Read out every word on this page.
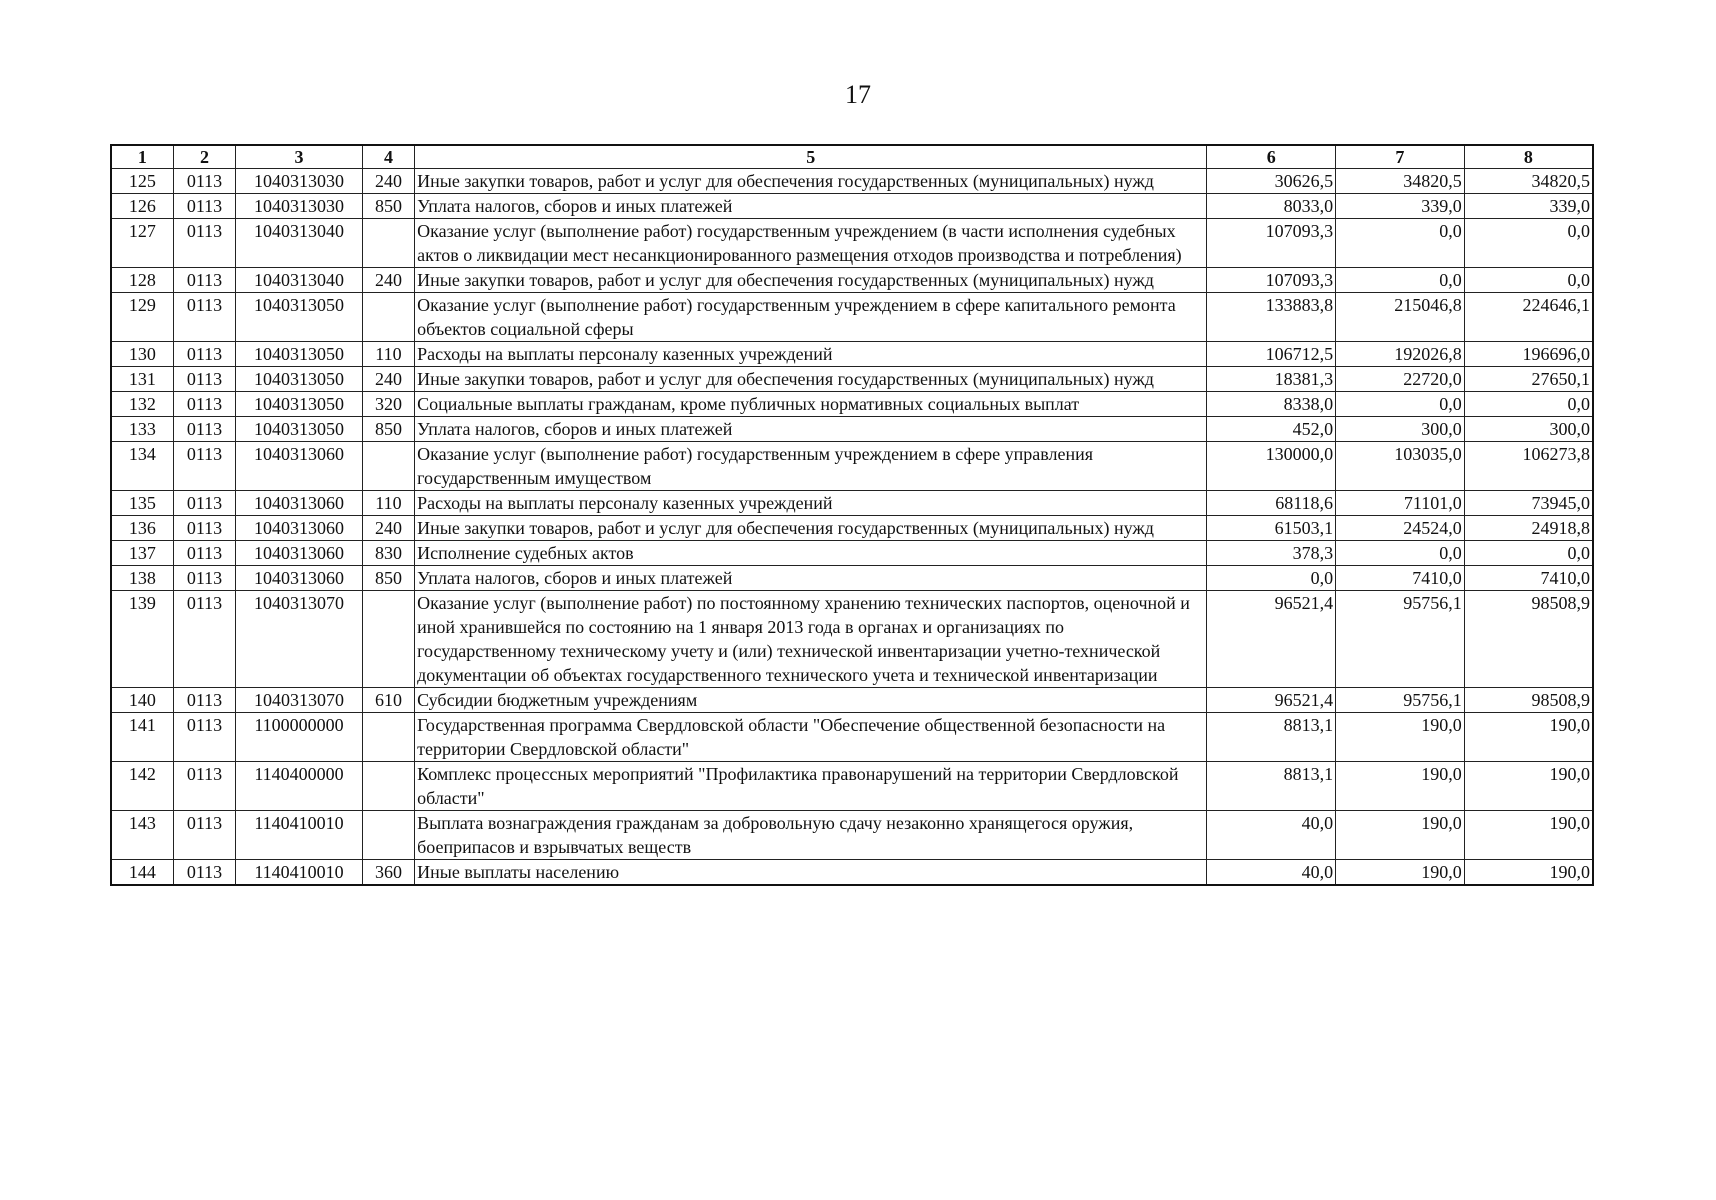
17
1	2	3	4	5	6	7	8
125	0113	1040313030	240	Иные закупки товаров, работ и услуг для обеспечения государственных (муниципальных) нужд	30626,5	34820,5	34820,5
126	0113	1040313030	850	Уплата налогов, сборов и иных платежей	8033,0	339,0	339,0
127	0113	1040313040		Оказание услуг (выполнение работ) государственным учреждением (в части исполнения судебных актов о ликвидации мест несанкционированного размещения отходов производства и потребления)	107093,3	0,0	0,0
128	0113	1040313040	240	Иные закупки товаров, работ и услуг для обеспечения государственных (муниципальных) нужд	107093,3	0,0	0,0
129	0113	1040313050		Оказание услуг (выполнение работ) государственным учреждением в сфере капитального ремонта объектов социальной сферы	133883,8	215046,8	224646,1
130	0113	1040313050	110	Расходы на выплаты персоналу казенных учреждений	106712,5	192026,8	196696,0
131	0113	1040313050	240	Иные закупки товаров, работ и услуг для обеспечения государственных (муниципальных) нужд	18381,3	22720,0	27650,1
132	0113	1040313050	320	Социальные выплаты гражданам, кроме публичных нормативных социальных выплат	8338,0	0,0	0,0
133	0113	1040313050	850	Уплата налогов, сборов и иных платежей	452,0	300,0	300,0
134	0113	1040313060		Оказание услуг (выполнение работ) государственным учреждением в сфере управления государственным имуществом	130000,0	103035,0	106273,8
135	0113	1040313060	110	Расходы на выплаты персоналу казенных учреждений	68118,6	71101,0	73945,0
136	0113	1040313060	240	Иные закупки товаров, работ и услуг для обеспечения государственных (муниципальных) нужд	61503,1	24524,0	24918,8
137	0113	1040313060	830	Исполнение судебных актов	378,3	0,0	0,0
138	0113	1040313060	850	Уплата налогов, сборов и иных платежей	0,0	7410,0	7410,0
139	0113	1040313070		Оказание услуг (выполнение работ) по постоянному хранению технических паспортов, оценочной и иной хранившейся по состоянию на 1 января 2013 года в органах и организациях по государственному техническому учету и (или) технической инвентаризации учетно-технической документации об объектах государственного технического учета и технической инвентаризации	96521,4	95756,1	98508,9
140	0113	1040313070	610	Субсидии бюджетным учреждениям	96521,4	95756,1	98508,9
141	0113	1100000000		Государственная программа Свердловской области "Обеспечение общественной безопасности на территории Свердловской области"	8813,1	190,0	190,0
142	0113	1140400000		Комплекс процессных мероприятий "Профилактика правонарушений на территории Свердловской области"	8813,1	190,0	190,0
143	0113	1140410010		Выплата вознаграждения гражданам за добровольную сдачу незаконно хранящегося оружия, боеприпасов и взрывчатых веществ	40,0	190,0	190,0
144	0113	1140410010	360	Иные выплаты населению	40,0	190,0	190,0
